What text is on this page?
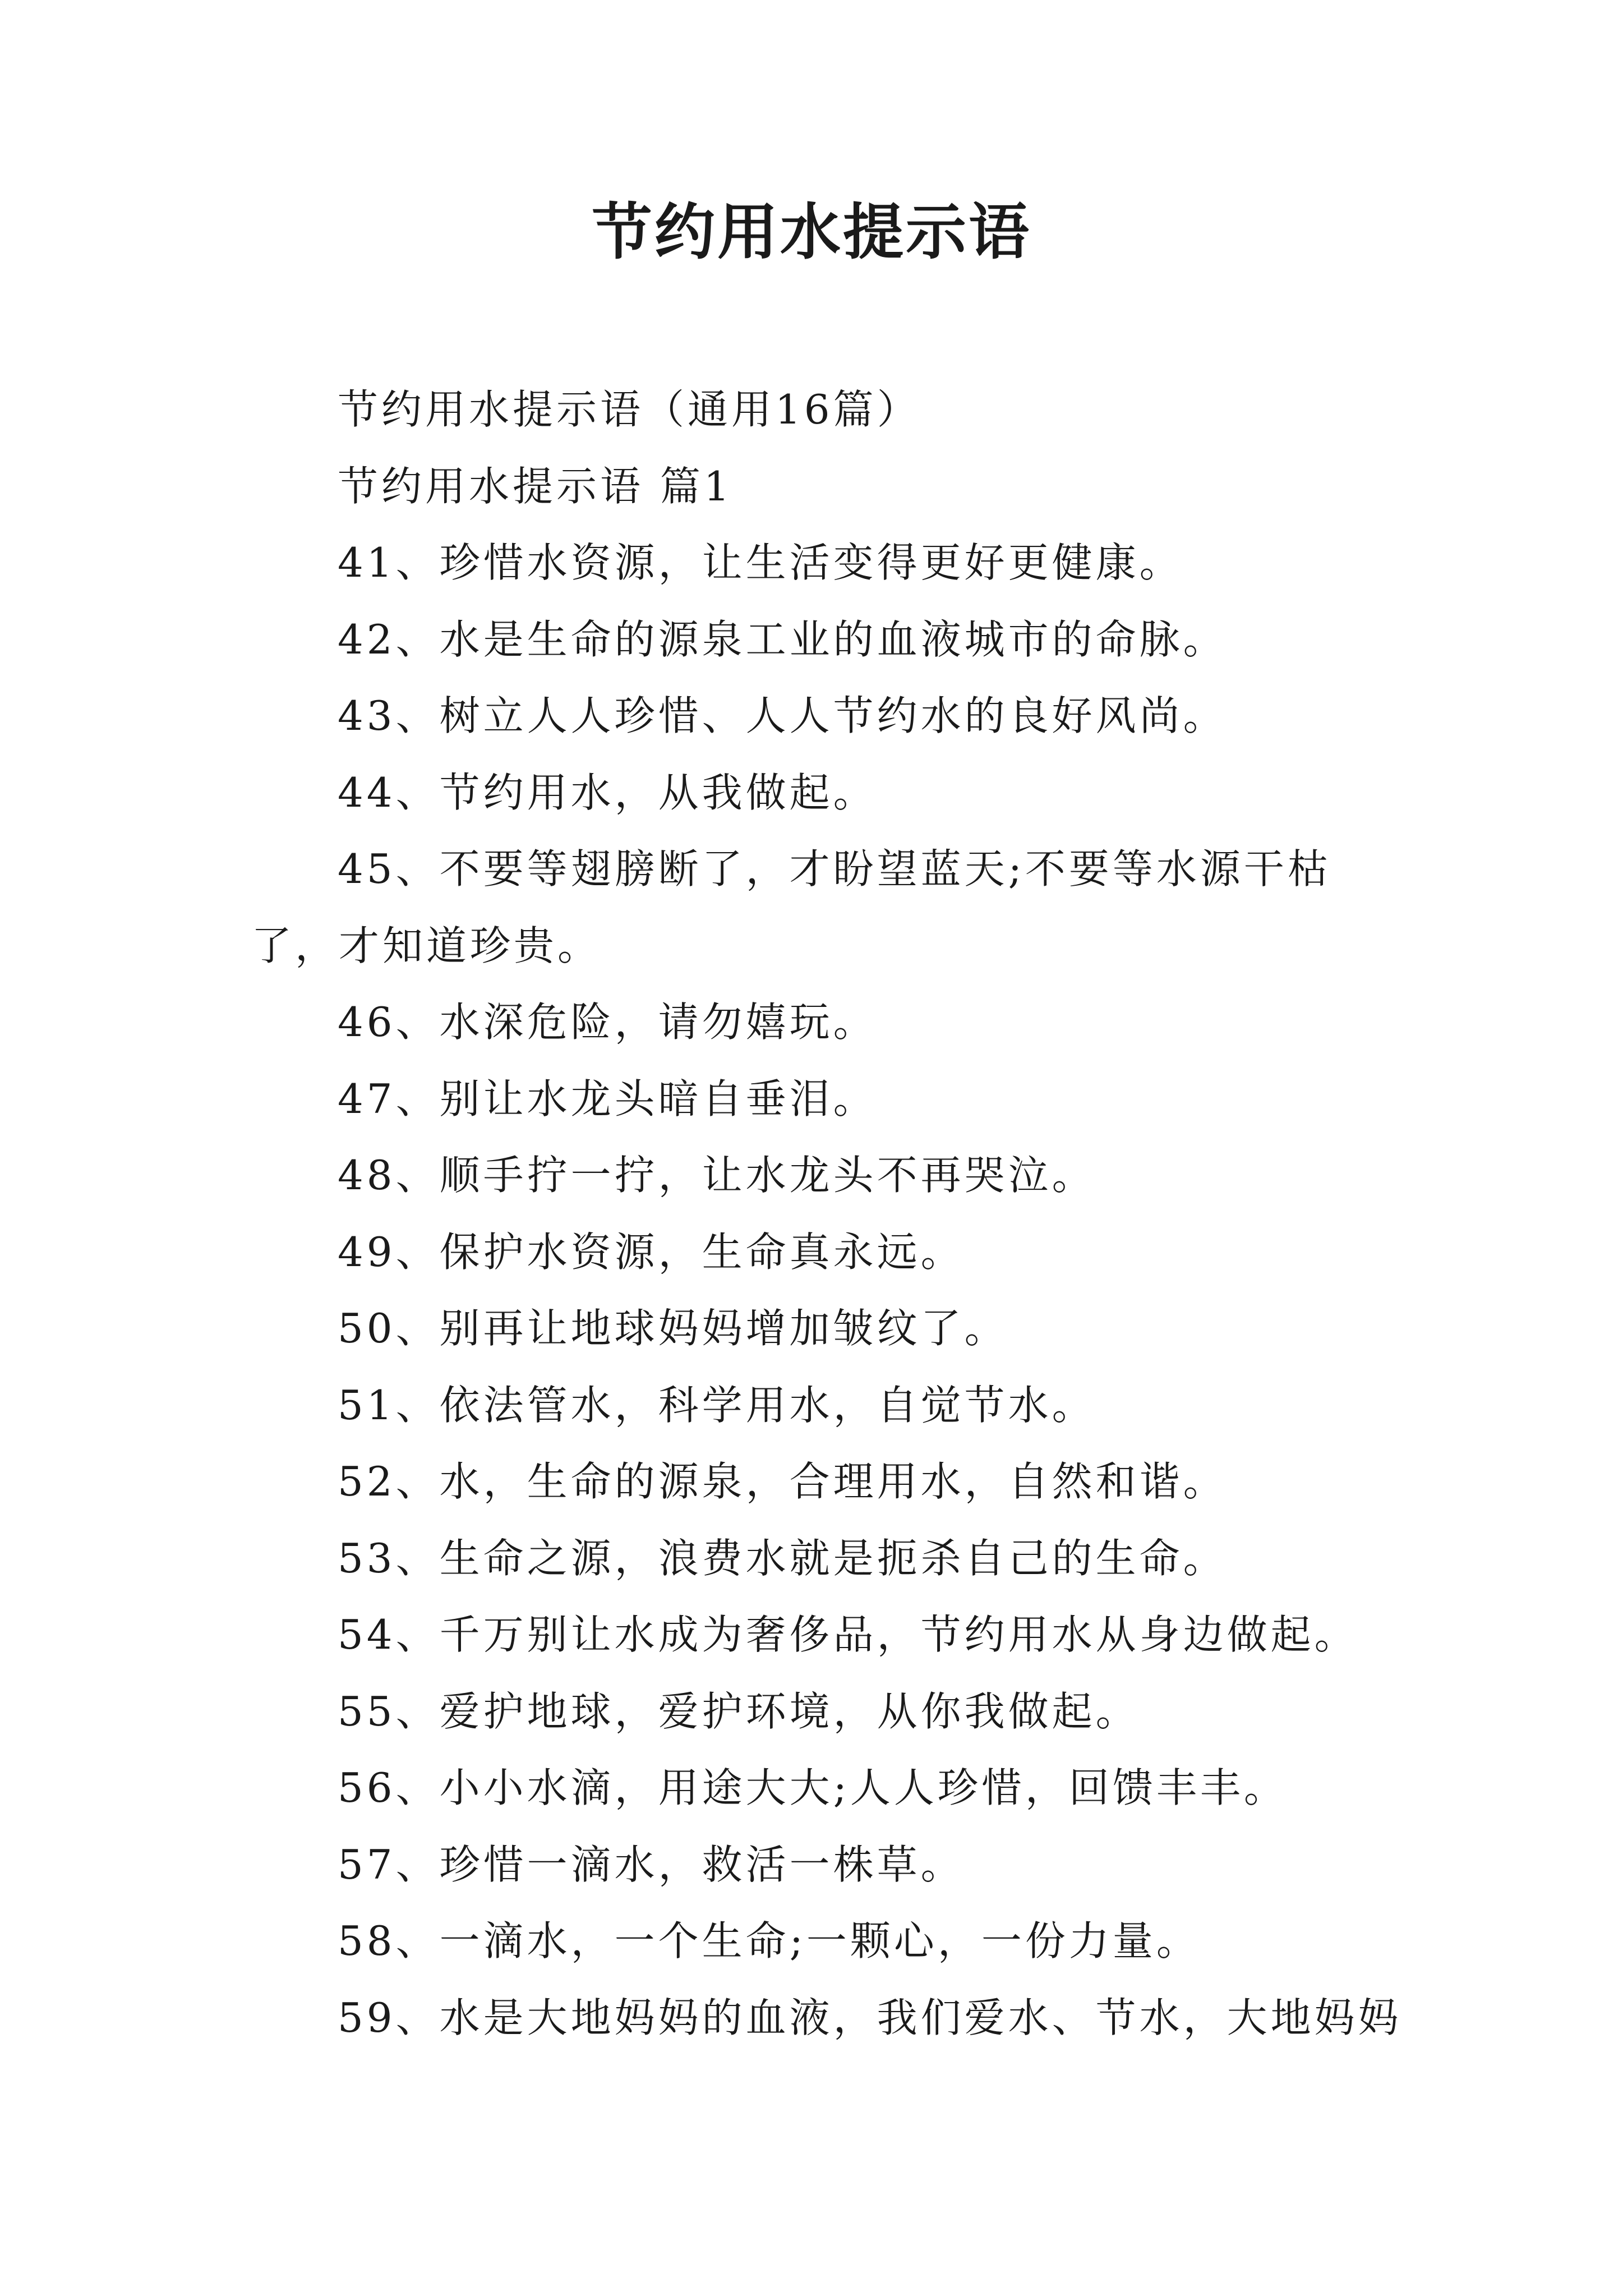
节约用水提示语

节约用水提示语（通用16篇）

节约用水提示语 篇1

41、珍惜水资源，让生活变得更好更健康。

42、水是生命的源泉工业的血液城市的命脉。

43、树立人人珍惜、人人节约水的良好风尚。

44、节约用水，从我做起。

45、不要等翅膀断了，才盼望蓝天;不要等水源干枯了，才知道珍贵。

46、水深危险，请勿嬉玩。

47、别让水龙头暗自垂泪。

48、顺手拧一拧，让水龙头不再哭泣。

49、保护水资源，生命真永远。

50、别再让地球妈妈增加皱纹了。

51、依法管水，科学用水，自觉节水。

52、水，生命的源泉，合理用水，自然和谐。

53、生命之源，浪费水就是扼杀自己的生命。

54、千万别让水成为奢侈品，节约用水从身边做起。

55、爱护地球，爱护环境，从你我做起。

56、小小水滴，用途大大;人人珍惜，回馈丰丰。

57、珍惜一滴水，救活一株草。

58、一滴水，一个生命;一颗心，一份力量。

59、水是大地妈妈的血液，我们爱水、节水，大地妈妈
